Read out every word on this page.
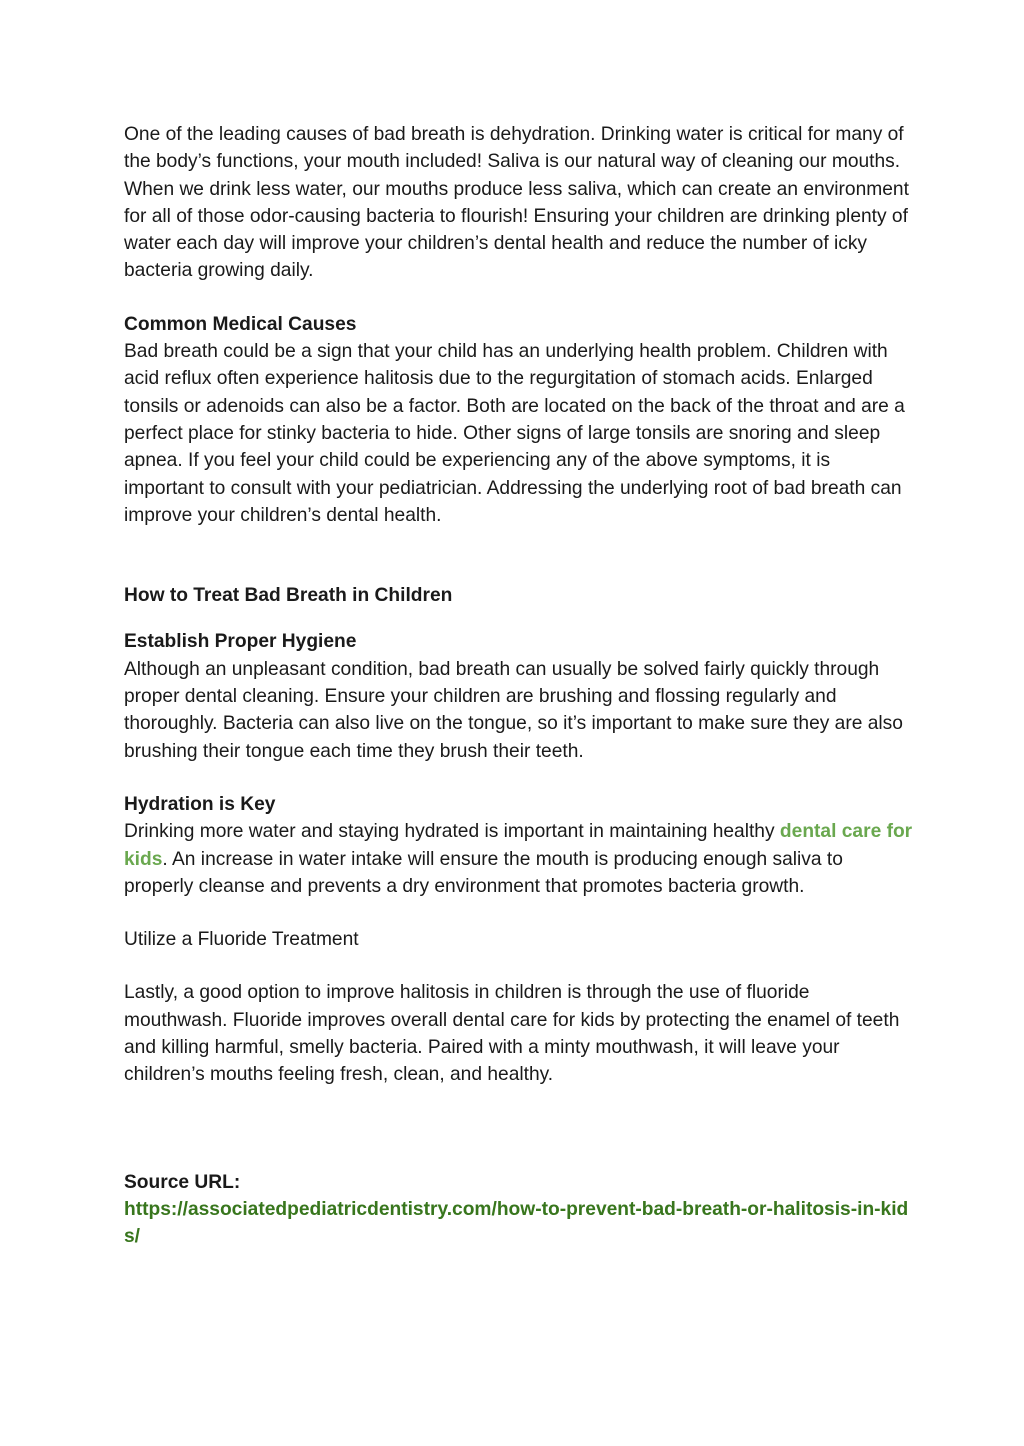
One of the leading causes of bad breath is dehydration. Drinking water is critical for many of the body’s functions, your mouth included! Saliva is our natural way of cleaning our mouths. When we drink less water, our mouths produce less saliva, which can create an environment for all of those odor-causing bacteria to flourish! Ensuring your children are drinking plenty of water each day will improve your children’s dental health and reduce the number of icky bacteria growing daily.

Common Medical Causes

Bad breath could be a sign that your child has an underlying health problem. Children with acid reflux often experience halitosis due to the regurgitation of stomach acids. Enlarged tonsils or adenoids can also be a factor. Both are located on the back of the throat and are a perfect place for stinky bacteria to hide. Other signs of large tonsils are snoring and sleep apnea. If you feel your child could be experiencing any of the above symptoms, it is important to consult with your pediatrician. Addressing the underlying root of bad breath can improve your children’s dental health.

How to Treat Bad Breath in Children
Establish Proper Hygiene

Although an unpleasant condition, bad breath can usually be solved fairly quickly through proper dental cleaning. Ensure your children are brushing and flossing regularly and thoroughly. Bacteria can also live on the tongue, so it’s important to make sure they are also brushing their tongue each time they brush their teeth.

Hydration is Key

Drinking more water and staying hydrated is important in maintaining healthy dental care for kids. An increase in water intake will ensure the mouth is producing enough saliva to properly cleanse and prevents a dry environment that promotes bacteria growth.

Utilize a Fluoride Treatment

Lastly, a good option to improve halitosis in children is through the use of fluoride mouthwash. Fluoride improves overall dental care for kids by protecting the enamel of teeth and killing harmful, smelly bacteria. Paired with a minty mouthwash, it will leave your children’s mouths feeling fresh, clean, and healthy.

Source URL:

https://associatedpediatricdentistry.com/how-to-prevent-bad-breath-or-halitosis-in-kids/
